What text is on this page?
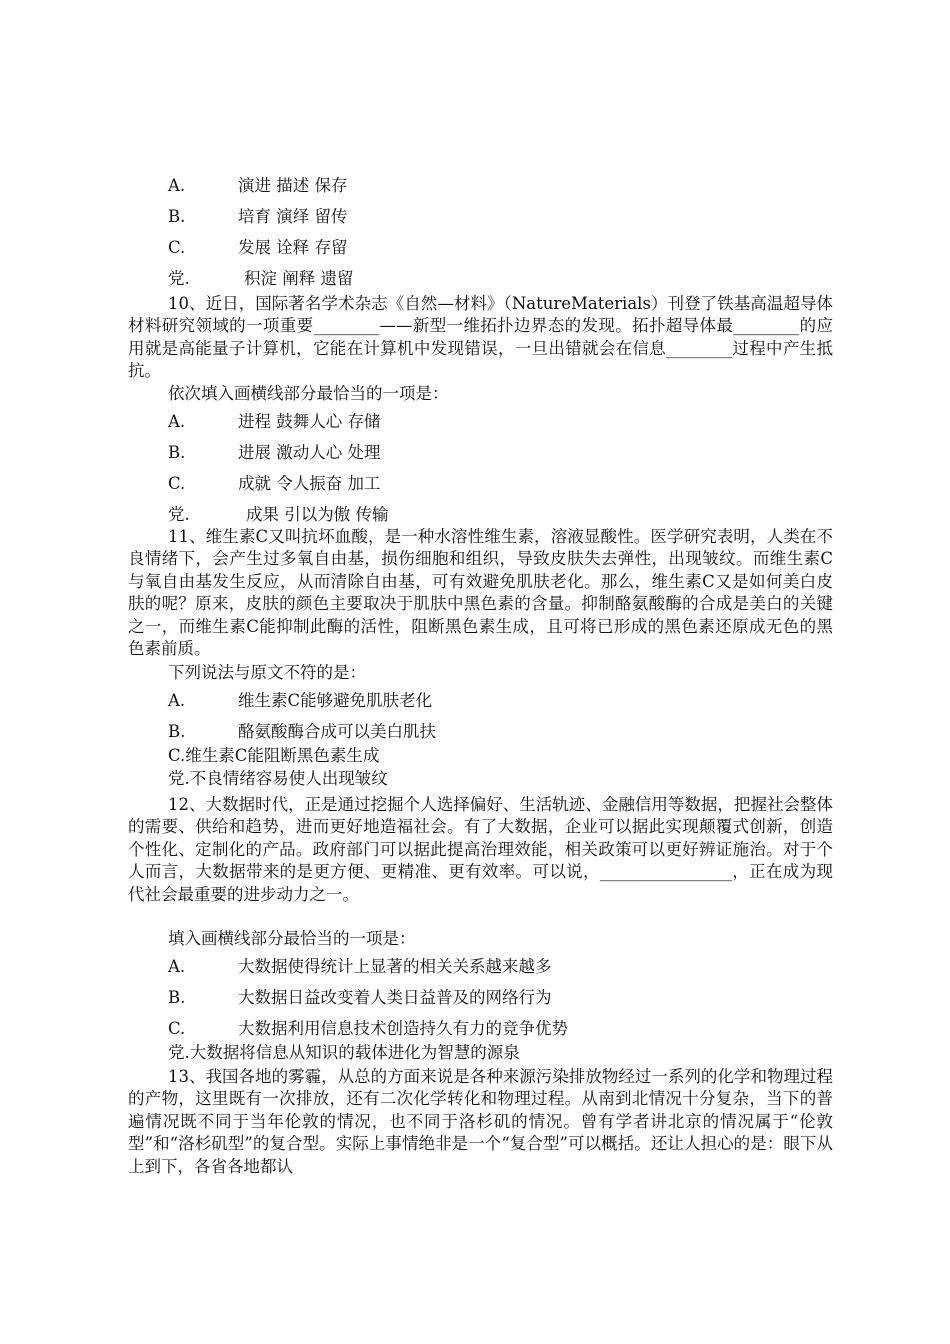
A.	演进 描述 保存
B.	培育 演绎 留传
C.	发展 诠释 存留
党.	积淀 阐释 遗留
10、近日，国际著名学术杂志《自然—材料》（NatureMaterials）刊登了铁基高温超导体材料研究领域的一项重要________——新型一维拓扑边界态的发现。拓扑超导体最________的应用就是高能量子计算机，它能在计算机中发现错误，一旦出错就会在信息________过程中产生抵抗。
依次填入画横线部分最恰当的一项是：
A.	进程 鼓舞人心 存储
B.	进展 激动人心 处理
C.	成就 令人振奋 加工
党.	成果 引以为傲 传输
11、维生素C又叫抗坏血酸，是一种水溶性维生素，溶液显酸性。医学研究表明，人类在不良情绪下，会产生过多氧自由基，损伤细胞和组织，导致皮肤失去弹性，出现皱纹。而维生素C与氧自由基发生反应，从而清除自由基，可有效避免肌肤老化。那么，维生素C又是如何美白皮肤的呢？原来，皮肤的颜色主要取决于肌肤中黑色素的含量。抑制酪氨酸酶的合成是美白的关键之一，而维生素C能抑制此酶的活性，阻断黑色素生成，且可将已形成的黑色素还原成无色的黑色素前质。
下列说法与原文不符的是：
A.	维生素C能够避免肌肤老化
B.	酪氨酸酶合成可以美白肌扶
C.维生素C能阻断黑色素生成
党.不良情绪容易使人出现皱纹
12、大数据时代，正是通过挖掘个人选择偏好、生活轨迹、金融信用等数据，把握社会整体的需要、供给和趋势，进而更好地造福社会。有了大数据，企业可以据此实现颠覆式创新，创造个性化、定制化的产品。政府部门可以据此提高治理效能，相关政策可以更好辨证施治。对于个人而言，大数据带来的是更方便、更精准、更有效率。可以说，________________，正在成为现代社会最重要的进步动力之一。
填入画横线部分最恰当的一项是：
A.	大数据使得统计上显著的相关关系越来越多
B.	大数据日益改变着人类日益普及的网络行为
C.	大数据利用信息技术创造持久有力的竞争优势
党.大数据将信息从知识的载体进化为智慧的源泉
13、我国各地的雾霾，从总的方面来说是各种来源污染排放物经过一系列的化学和物理过程的产物，这里既有一次排放，还有二次化学转化和物理过程。从南到北情况十分复杂，当下的普遍情况既不同于当年伦敦的情况，也不同于洛杉矶的情况。曾有学者讲北京的情况属于“伦敦型”和“洛杉矶型”的复合型。实际上事情绝非是一个“复合型”可以概括。还让人担心的是：眼下从上到下，各省各地都认
